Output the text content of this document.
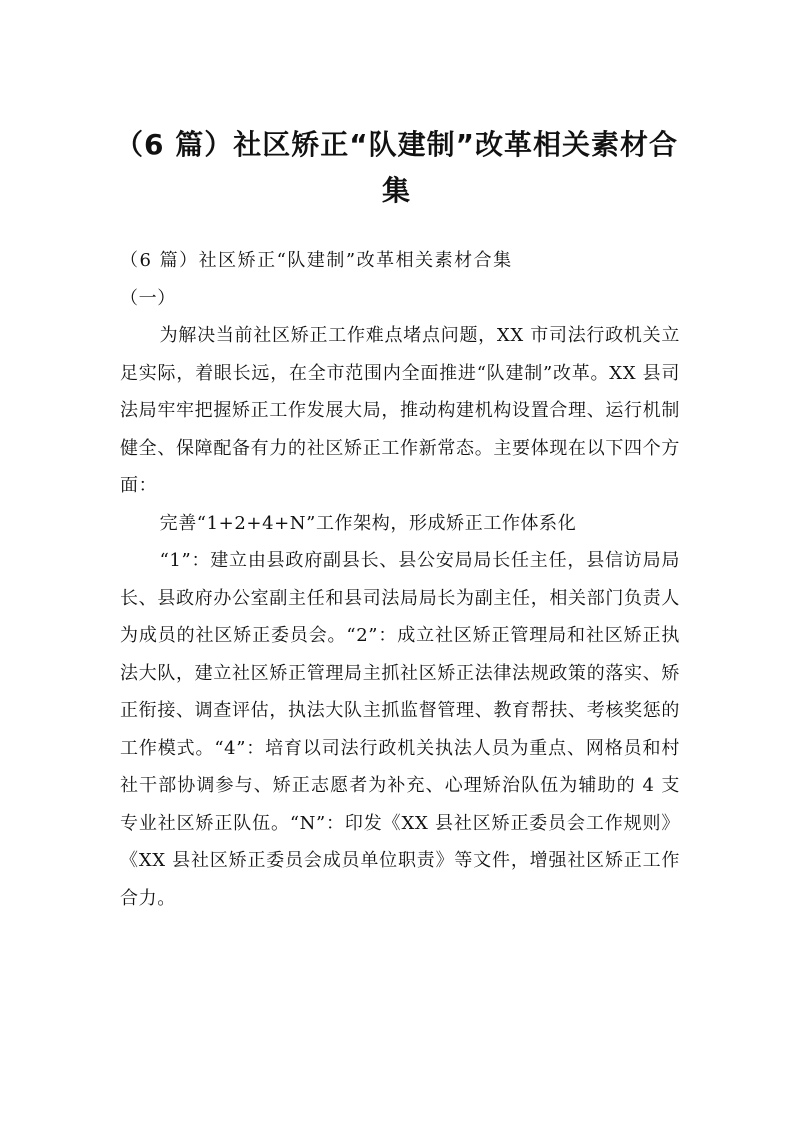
（6 篇）社区矫正“队建制”改革相关素材合集

（6 篇）社区矫正“队建制”改革相关素材合集

（一）

为解决当前社区矫正工作难点堵点问题，XX 市司法行政机关立足实际，着眼长远，在全市范围内全面推进“队建制”改革。XX 县司法局牢牢把握矫正工作发展大局，推动构建机构设置合理、运行机制健全、保障配备有力的社区矫正工作新常态。主要体现在以下四个方面：

完善“1+2+4+N”工作架构，形成矫正工作体系化

“1”：建立由县政府副县长、县公安局局长任主任，县信访局局长、县政府办公室副主任和县司法局局长为副主任，相关部门负责人为成员的社区矫正委员会。“2”：成立社区矫正管理局和社区矫正执法大队，建立社区矫正管理局主抓社区矫正法律法规政策的落实、矫正衔接、调查评估，执法大队主抓监督管理、教育帮扶、考核奖惩的工作模式。“4”：培育以司法行政机关执法人员为重点、网格员和村社干部协调参与、矫正志愿者为补充、心理矫治队伍为辅助的 4 支专业社区矫正队伍。“N”：印发《XX 县社区矫正委员会工作规则》《XX 县社区矫正委员会成员单位职责》等文件，增强社区矫正工作合力。
